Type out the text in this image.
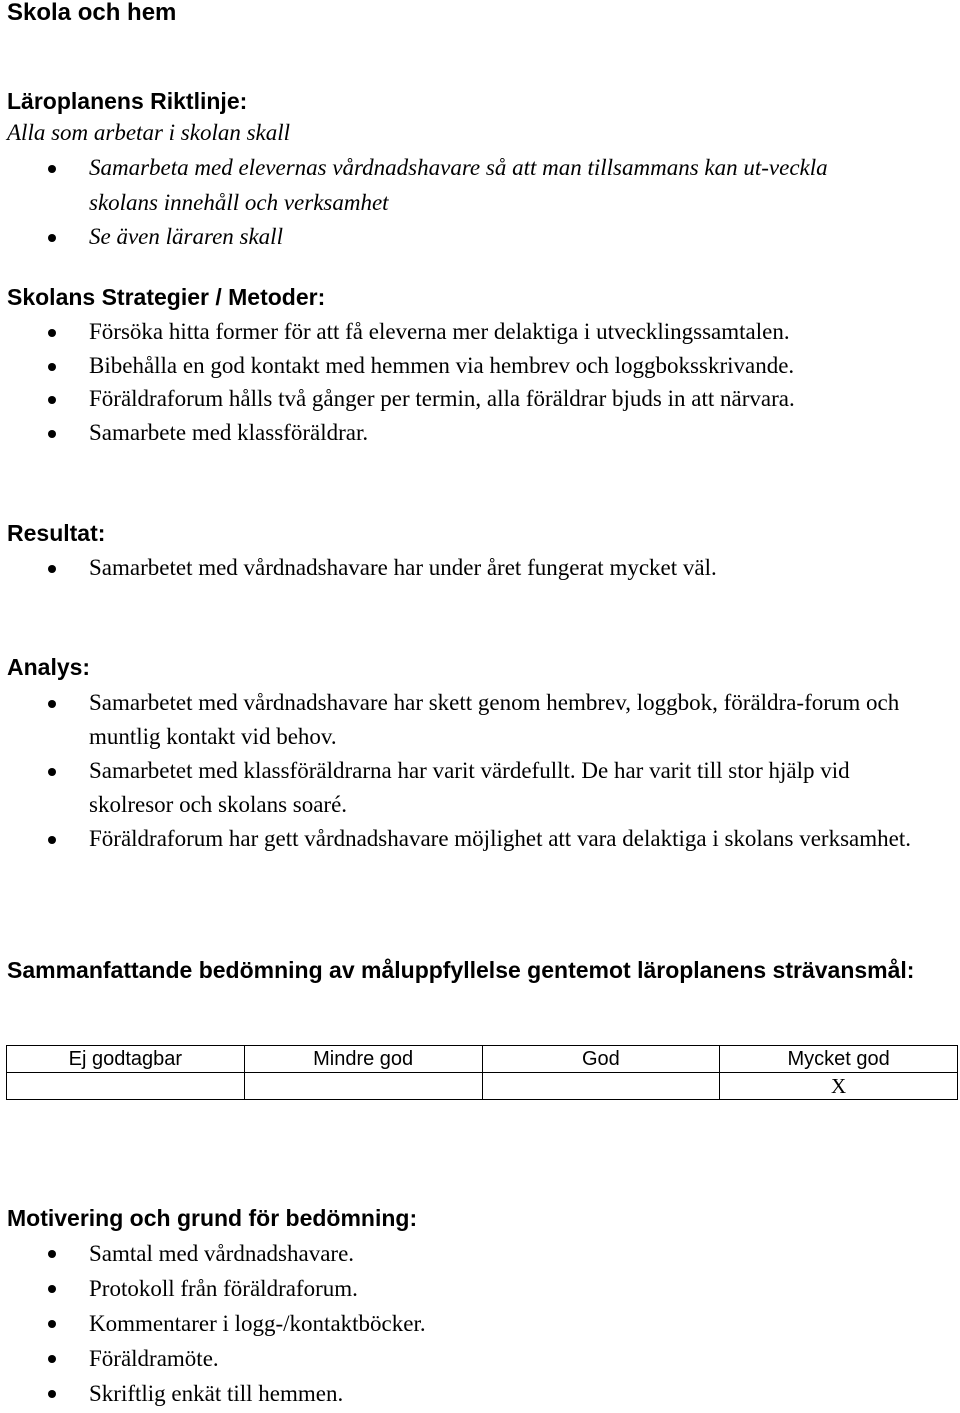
Skola och hem
Läroplanens Riktlinje:

Alla som arbetar i skolan skall

Samarbeta med elevernas vårdnadshavare så att man tillsammans kan ut-veckla skolans innehåll och verksamhet
Se även läraren skall
Skolans Strategier / Metoder:
Försöka hitta former för att få eleverna mer delaktiga i utvecklingssamtalen.
Bibehålla en god kontakt med hemmen via hembrev och loggboksskrivande.
Föräldraforum hålls två gånger per termin, alla föräldrar bjuds in att närvara.
Samarbete med klassföräldrar.
Resultat:
Samarbetet med vårdnadshavare har under året fungerat mycket väl.
Analys:
Samarbetet med vårdnadshavare har skett genom hembrev, loggbok, föräldra-forum och muntlig kontakt vid behov.
Samarbetet med klassföräldrarna har varit värdefullt. De har varit till stor hjälp vid skolresor och skolans soaré.
Föräldraforum har gett vårdnadshavare möjlighet att vara delaktiga i skolans verksamhet.
Sammanfattande bedömning av måluppfyllelse gentemot läroplanens strävansmål:
Ej godtagbar	Mindre god	God	Mycket god
			X
Motivering och grund för bedömning:
Samtal med vårdnadshavare.
Protokoll från föräldraforum.
Kommentarer i logg-/kontaktböcker.
Föräldramöte.
Skriftlig enkät till hemmen.
